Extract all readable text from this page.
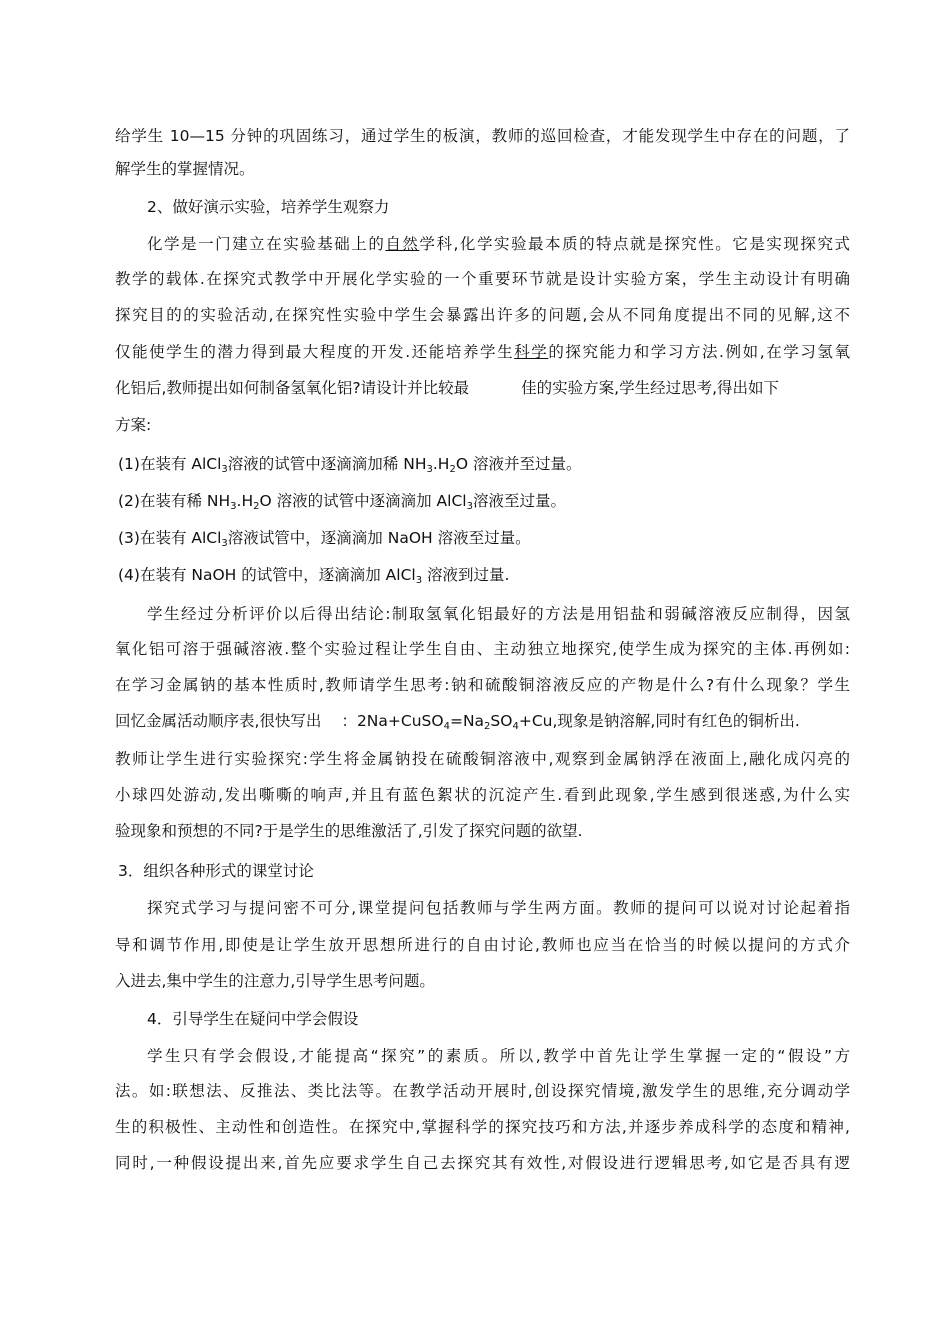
给学生 10—15 分钟的巩固练习，通过学生的板演，教师的巡回检查，才能发现学生中存在的问题，了
解学生的掌握情况。
2、做好演示实验，培养学生观察力
化学是一门建立在实验基础上的自然学科,化学实验最本质的特点就是探究性。它是实现探究式
教学的载体.在探究式教学中开展化学实验的一个重要环节就是设计实验方案，学生主动设计有明确
探究目的的实验活动,在探究性实验中学生会暴露出许多的问题,会从不同角度提出不同的见解,这不
仅能使学生的潜力得到最大程度的开发.还能培养学生科学的探究能力和学习方法.例如,在学习氢氧
化铝后,教师提出如何制备氢氧化铝?请设计并比较最	佳的实验方案,学生经过思考,得出如下
方案:
(1)在装有 AlCl$_3$溶液的试管中逐滴滴加稀 $NH_3.H_2O$ 溶液并至过量。
(2)在装有稀 $NH_3.H_2O$ 溶液的试管中逐滴滴加 AlCl$_3$溶液至过量。
(3)在装有 AlCl$_3$溶液试管中，逐滴滴加 NaOH 溶液至过量。
(4)在装有 NaOH 的试管中，逐滴滴加 AlCl$_3$ 溶液到过量.
学生经过分析评价以后得出结论:制取氢氧化铝最好的方法是用铝盐和弱碱溶液反应制得，因氢
氧化铝可溶于强碱溶液.整个实验过程让学生自由、主动独立地探究,使学生成为探究的主体.再例如:
在学习金属钠的基本性质时,教师请学生思考:钠和硫酸铜溶液反应的产物是什么?有什么现象？学生
回忆金属活动顺序表,很快写出 ：$2Na+CuSO_4=Na_2SO_4+Cu$,现象是钠溶解,同时有红色的铜析出.
教师让学生进行实验探究:学生将金属钠投在硫酸铜溶液中,观察到金属钠浮在液面上,融化成闪亮的
小球四处游动,发出嘶嘶的响声,并且有蓝色絮状的沉淀产生.看到此现象,学生感到很迷惑,为什么实
验现象和预想的不同?于是学生的思维激活了,引发了探究问题的欲望.
3．组织各种形式的课堂讨论
探究式学习与提问密不可分,课堂提问包括教师与学生两方面。教师的提问可以说对讨论起着指
导和调节作用,即使是让学生放开思想所进行的自由讨论,教师也应当在恰当的时候以提问的方式介
入进去,集中学生的注意力,引导学生思考问题。
4．引导学生在疑问中学会假设
学生只有学会假设,才能提高“探究”的素质。所以,教学中首先让学生掌握一定的“假设”方
法。如:联想法、反推法、类比法等。在教学活动开展时,创设探究情境,激发学生的思维,充分调动学
生的积极性、主动性和创造性。在探究中,掌握科学的探究技巧和方法,并逐步养成科学的态度和精神,
同时,一种假设提出来,首先应要求学生自己去探究其有效性,对假设进行逻辑思考,如它是否具有逻
